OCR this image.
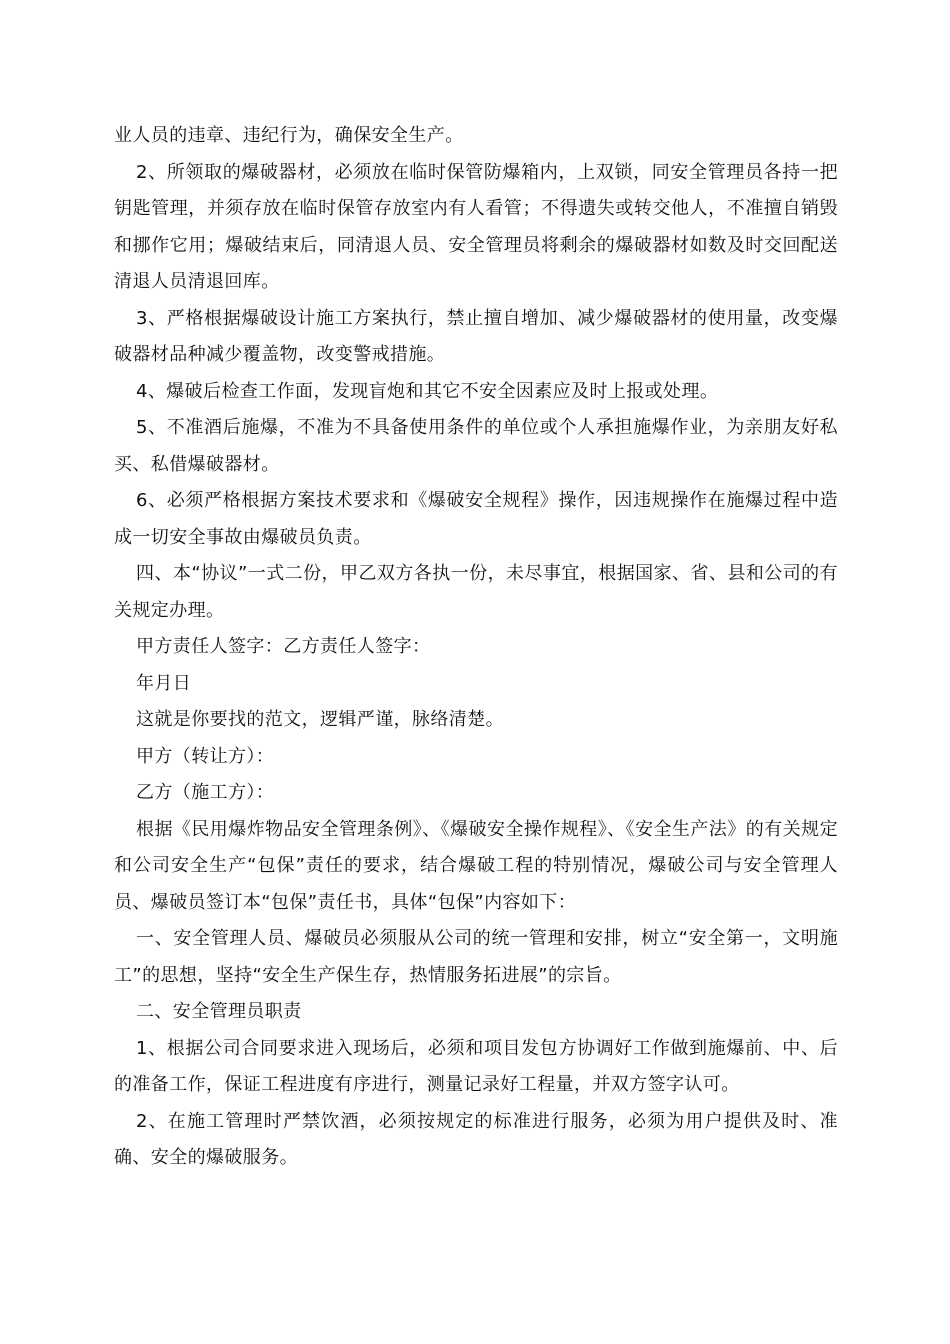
业人员的违章、违纪行为，确保安全生产。

2、所领取的爆破器材，必须放在临时保管防爆箱内，上双锁，同安全管理员各持一把钥匙管理，并须存放在临时保管存放室内有人看管；不得遗失或转交他人，不准擅自销毁和挪作它用；爆破结束后，同清退人员、安全管理员将剩余的爆破器材如数及时交回配送清退人员清退回库。

3、严格根据爆破设计施工方案执行，禁止擅自增加、减少爆破器材的使用量，改变爆破器材品种减少覆盖物，改变警戒措施。

4、爆破后检查工作面，发现盲炮和其它不安全因素应及时上报或处理。

5、不准酒后施爆，不准为不具备使用条件的单位或个人承担施爆作业，为亲朋友好私买、私借爆破器材。

6、必须严格根据方案技术要求和《爆破安全规程》操作，因违规操作在施爆过程中造成一切安全事故由爆破员负责。

四、本“协议”一式二份，甲乙双方各执一份，未尽事宜，根据国家、省、县和公司的有关规定办理。

甲方责任人签字：乙方责任人签字：

年月日

这就是你要找的范文，逻辑严谨，脉络清楚。

甲方（转让方）：

乙方（施工方）：

根据《民用爆炸物品安全管理条例》、《爆破安全操作规程》、《安全生产法》的有关规定和公司安全生产“包保”责任的要求，结合爆破工程的特别情况，爆破公司与安全管理人员、爆破员签订本“包保”责任书，具体“包保”内容如下：

一、安全管理人员、爆破员必须服从公司的统一管理和安排，树立“安全第一，文明施工”的思想，坚持“安全生产保生存，热情服务拓进展”的宗旨。

二、安全管理员职责

1、根据公司合同要求进入现场后，必须和项目发包方协调好工作做到施爆前、中、后的准备工作，保证工程进度有序进行，测量记录好工程量，并双方签字认可。

2、在施工管理时严禁饮酒，必须按规定的标准进行服务，必须为用户提供及时、准确、安全的爆破服务。
